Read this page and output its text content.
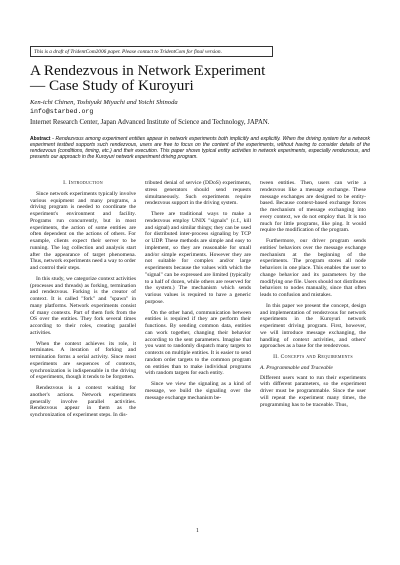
This is a draft of TridentCom2006 paper. Please contact to TridentCom for final version.
A Rendezvous in Network Experiment
— Case Study of Kuroyuri
Ken-ichi Chinen, Toshiyuki Miyachi and Yoichi Shinoda
info@starbed.org
Internet Research Center, Japan Advanced Institute of Science and Technology, JAPAN.
Abstract - Rendezvous among experiment entities appear in network experiments both implicitly and explicitly. When the driving system for a network experiment testbed supports such rendezvous, users are free to focus on the content of the experiments, without having to consider details of the rendezvous (conditions, timing, etc.) and their execution. This paper shows typical entity activities in network experiments, especially rendezvous, and presents our approach in the Kuroyuri network experiment driving program.
I. Introduction

Since network experiments typically involve various equipment and many programs, a driving program is needed to coordinate the experiment's environment and facility. Programs run concurrently, but in most experiments, the action of some entities are often dependent on the actions of others. For example, clients expect their server to be running. The log collection and analysis start after the appearance of target phenomena. Thus, network experiments need a way to order and control their steps.

In this study, we categorize context activities (processes and threads) as forking, termination and rendezvous. Forking is the creator of context. It is called "fork" and "spawn" in many platforms. Network experiments consist of many contexts. Part of them fork from the OS over the entities. They fork several times according to their roles, creating parallel activities.

When the context achieves its role, it terminates. A iteration of forking and termination forms a serial activity. Since most experiments are sequences of contexts, synchronization is indispensable in the driving of experiments, though it tends to be forgotten.

Rendezvous is a context waiting for another's actions. Network experiments generally involve parallel activities. Rendezvous appear in them as the synchronization of experiment steps. In dis-

tributed denial of service (DDoS) experiments, stress generators should send requests simultaneously. Such experiments require rendezvous support in the driving system.

There are traditional ways to make a rendezvous employ UNIX "signals" (c.f., kill and signal) and similar things; they can be used for distributed inter-process signaling by TCP or UDP. These methods are simple and easy to implement, so they are reasonable for small and/or simple experiments. However they are not suitable for complex and/or large experiments because the values with which the "signal" can be expressed are limited (typically to a half of dozen, while others are reserved for the system.) The mechanism which sends various values is required to have a generic purpose.

On the other hand, communication between entities is required if they are perform their functions. By sending common data, entities can work together, changing their behavior according to the sent parameters. Imagine that you want to randomly dispatch many targets to contexts on multiple entities. It is easier to send random order targets to the common program on entities than to make individual programs with random targets for each entity.

Since we view the signaling as a kind of message, we build the signaling over the message exchange mechanism be-

tween entities. Then, users can write a rendezvous like a message exchange. These message exchanges are designed to be entity-based. Because context-based exchange forces the mechanism of message exchanging into every context, we do not employ that. It is too much for little programs, like ping. It would require the modification of the program.

Furthermore, our driver program sends entities' behaviors over the message exchange mechanism at the beginning of the experiments. The program stores all node behaviors in one place. This enables the user to change behavior and its parameters by the modifying one file. Users should not distributes behaviors to nodes manually, since that often leads to confusion and mistakes.

In this paper we present the concept, design and implementation of rendezvous for network experiments in the Kuroyuri network experiment driving program. First, however, we will introduce message exchanging, the handling of context activities, and others' approaches as a base for the rendezvous.

II. Concepts and Requirements
A. Programmable and Traceable

Different users want to run their experiments with different parameters, so the experiment driver must be programmable. Since the user will repeat the experiment many times, the programming has to be traceable. Thus,

1
